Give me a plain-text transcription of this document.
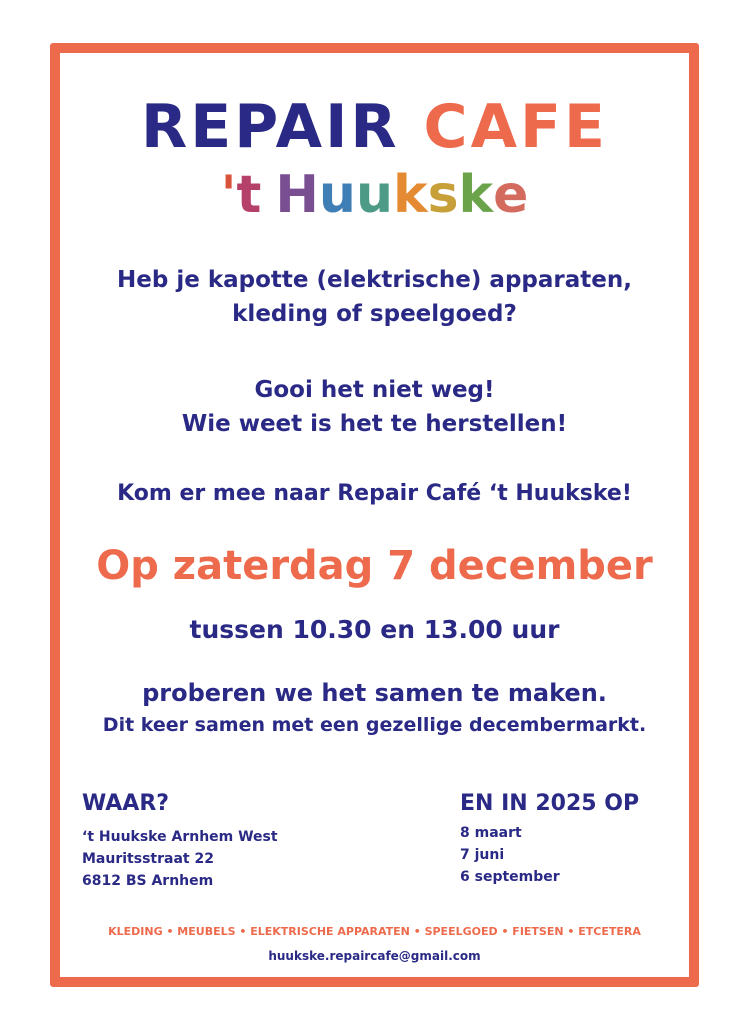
REPAIR CAFE
't Huukske
Heb je kapotte (elektrische) apparaten,
kleding of speelgoed?
Gooi het niet weg!
Wie weet is het te herstellen!
Kom er mee naar Repair Café ‘t Huukske!
Op zaterdag 7 december
tussen 10.30 en 13.00 uur
proberen we het samen te maken.
Dit keer samen met een gezellige decembermarkt.
WAAR?
‘t Huukske Arnhem West
Mauritsstraat 22
6812 BS Arnhem
EN IN 2025 OP
8 maart
7 juni
6 september
KLEDING • MEUBELS • ELEKTRISCHE APPARATEN • SPEELGOED • FIETSEN • ETCETERA
huukske.repaircafe@gmail.com
